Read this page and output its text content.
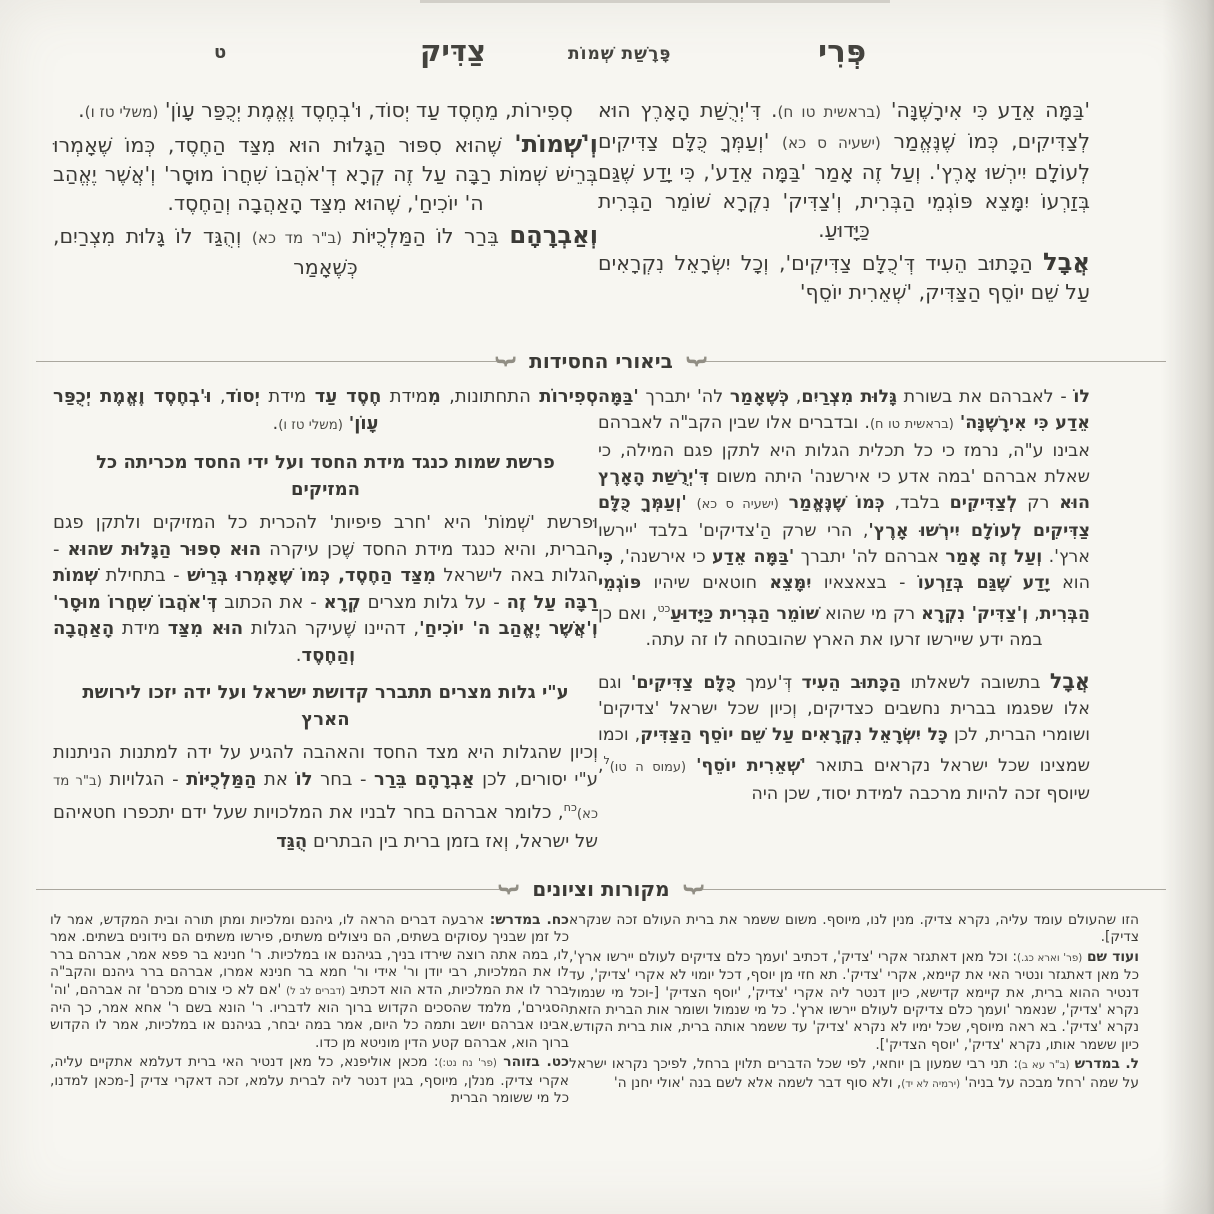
פְּרִי
פָּרָשַׁת שְׁמוֹת
צַדִּיק
ט
סְפִירוֹת, מֵחֶסֶד עַד יְסוֹד, וּ'בְחֶסֶד וֶאֱמֶת יְכֻפַּר עָוֹן' (משלי טז ו).
וְ'שְׁמוֹת' שֶׁהוּא סִפּוּר הַגָּלוּת הוּא מִצַּד הַחֶסֶד, כְּמוֹ שֶׁאָמְרוּ בְּרֵישׁ שְׁמוֹת רַבָּה עַל זֶה קְרָא דְ'אֹהֲבוֹ שִׁחֲרוֹ מוּסָר' וְ'אֲשֶׁר יֶאֱהַב ה' יוֹכִיחַ', שֶׁהוּא מִצַּד הָאַהֲבָה וְהַחֶסֶד.
וְאַבְרָהָם בֵּרַר לוֹ הַמַּלְכֻיּוֹת (ב"ר מד כא) וְהֻגַּד לוֹ גָּלוּת מִצְרַיִם, כְּשֶׁאָמַר
'בַּמָּה אֵדַע כִּי אִירָשֶׁנָּה' (בראשית טו ח). דִּ'יְרֻשַּׁת הָאָרֶץ הוּא לְצַדִּיקִים, כְּמוֹ שֶׁנֶּאֱמַר (ישעיה ס כא) 'וְעַמְּךָ כֻּלָּם צַדִּיקִים לְעוֹלָם יִירְשׁוּ אָרֶץ'. וְעַל זֶה אָמַר 'בַּמָּה אֵדַע', כִּי יָדַע שֶׁגַּם בְּזַרְעוֹ יִמָּצֵא פּוֹגְמֵי הַבְּרִית, וְ'צַדִּיק' נִקְרָא שׁוֹמֵר הַבְּרִית כַּיָּדוּעַ.
אֲבָל הַכָּתוּב הֵעִיד דְּ'כֻלָּם צַדִּיקִים', וְכָל יִשְׂרָאֵל נִקְרָאִים עַל שֵׁם יוֹסֵף הַצַּדִּיק, 'שְׁאֵרִית יוֹסֵף'
{
ביאורי החסידות
{
סְפִירוֹת התחתונות, מִמידת חֶסֶד עַד מידת יְסוֹד, וּ'בְחֶסֶד וֶאֱמֶת יְכֻפַּר עָוֹן' (משלי טז ו).
פרשת שמות כנגד מידת החסד ועל ידי החסד מכריתה כל המזיקים
וּפרשת 'שְׁמוֹת' היא 'חרב פיפיות' להכרית כל המזיקים ולתקן פגם הברית, והיא כנגד מידת החסד שֶׁכן עיקרה הוּא סִפּוּר הַגָּלוּת שהוּא - הגלות באה לישראל מִצַּד הַחֶסֶד, כְּמוֹ שֶׁאָמְרוּ בְּרֵישׁ - בתחילת שְׁמוֹת רַבָּה עַל זֶה - על גלות מצרים קְרָא - את הכתוב דְּ'אֹהֲבוֹ שִׁחֲרוֹ מוּסָר' וְ'אֲשֶׁר יֶאֱהַב ה' יוֹכִיחַ', דהיינו שֶׁעיקר הגלות הוּא מִצַּד מידת הָאַהֲבָה וְהַחֶסֶד.
ע"י גלות מצרים תתברר קדושת ישראל ועל ידה יזכו לירושת הארץ
וְכיון שהגלות היא מצד החסד והאהבה להגיע על ידה למתנות הניתנות ע"י יסורים, לכן אַבְרָהָם בֵּרַר - בחר לוֹ את הַמַּלְכֻיּוֹת - הגלויות (ב"ר מד כא)$^{כח}$, כלומר אברהם בחר לבניו את המלכויות שעל ידם יתכפרו חטאיהם של ישראל, וְאז בזמן ברית בין הבתרים הֻגַּד
לוֹ - לאברהם את בשורת גָּלוּת מִצְרַיִם, כְּשֶׁאָמַר לה' יתברך 'בַּמָּה אֵדַע כִּי אִירָשֶׁנָּה' (בראשית טו ח). ובדברים אלו שבין הקב"ה לאברהם אבינו ע"ה, נרמז כי כל תכלית הגלות היא לתקן פגם המילה, כי שאלת אברהם 'במה אדע כי אירשנה' היתה משום דִּ'יְרֻשַּׁת הָאָרֶץ הוּא רק לְצַדִּיקִים בלבד, כְּמוֹ שֶׁנֶּאֱמַר (ישעיה ס כא) 'וְעַמְּךָ כֻּלָּם צַדִּיקִים לְעוֹלָם יִירְשׁוּ אָרֶץ', הרי שרק הַ'צדיקים' בלבד 'יירשו ארץ'. וְעַל זֶה אָמַר אברהם לה' יתברך 'בַּמָּה אֵדַע כי אירשנה', כִּי הוא יָדַע שֶׁגַּם בְּזַרְעוֹ - בצאצאיו יִמָּצֵא חוטאים שיהיו פּוֹגְמֵי הַבְּרִית, וְ'צַדִּיק' נִקְרָא רק מי שהוא שׁוֹמֵר הַבְּרִית כַּיָּדוּעַ$^{כט}$, ואם כן במה ידע שיירשו זרעו את הארץ שהובטחה לו זה עתה.
אֲבָל בתשובה לשאלתו הַכָּתוּב הֵעִיד דְּ'עמך כֻּלָּם צַדִּיקִים' וגם אלו שפגמו בברית נחשבים כצדיקים, וְכיון שכל ישראל 'צדיקים' ושומרי הברית, לכן כָּל יִשְׂרָאֵל נִקְרָאִים עַל שֵׁם יוֹסֵף הַצַּדִּיק, וכמו שמצינו שכל ישראל נקראים בתואר 'שְׁאֵרִית יוֹסֵף' (עמוס ה טו)$^ל$, שיוסף זכה להיות מרכבה למידת יסוד, שכן היה
{
מקורות וציונים
{
כח. במדרש: ארבעה דברים הראה לו, גיהנם ומלכיות ומתן תורה ובית המקדש, אמר לו כל זמן שבניך עסוקים בשתים, הם ניצולים משתים, פירשו משתים הם נידונים בשתים. אמר לו, במה אתה רוצה שירדו בניך, בגיהנם או במלכיות. ר' חנינא בר פפא אמר, אברהם ברר לו את המלכיות, רבי יודן ור' אידי ור' חמא בר חנינא אמרו, אברהם ברר גיהנם והקב"ה ברר לו את המלכיות, הדא הוא דכתיב (דברים לב ל) 'אם לא כי צורם מכרם' זה אברהם, 'וה' הסגירם', מלמד שהסכים הקדוש ברוך הוא לדבריו. ר' הונא בשם ר' אחא אמר, כך היה אבינו אברהם יושב ותמה כל היום, אמר במה יבחר, בגיהנם או במלכיות, אמר לו הקדוש ברוך הוא, אברהם קטע הדין מוניטא מן כדו.
כט. בזוהר (פר' נח נט:): מכאן אוליפנא, כל מאן דנטיר האי ברית דעלמא אתקיים עליה, אקרי צדיק. מנלן, מיוסף, בגין דנטר ליה לברית עלמא, זכה דאקרי צדיק [-מכאן למדנו, כל מי ששומר הברית
הזו שהעולם עומד עליה, נקרא צדיק. מנין לנו, מיוסף. משום ששמר את ברית העולם זכה שנקרא צדיק].
ועוד שם (פר' וארא כג.): וכל מאן דאתגזר אקרי 'צדיק', דכתיב 'ועמך כלם צדיקים לעולם יירשו ארץ', כל מאן דאתגזר ונטיר האי את קיימא, אקרי 'צדיק'. תא חזי מן יוסף, דכל יומוי לא אקרי 'צדיק', עד דנטיר ההוא ברית, את קיימא קדישא, כיון דנטר ליה אקרי 'צדיק', 'יוסף הצדיק' [-וכל מי שנמול נקרא 'צדיק', שנאמר 'ועמך כלם צדיקים לעולם יירשו ארץ'. כל מי שנמול ושומר אות הברית הזאת נקרא 'צדיק'. בא ראה מיוסף, שכל ימיו לא נקרא 'צדיק' עד ששמר אותה ברית, אות ברית הקודש. כיון ששמר אותו, נקרא 'צדיק', 'יוסף הצדיק'].
ל. במדרש (ב"ר עא ב): תני רבי שמעון בן יוחאי, לפי שכל הדברים תלוין ברחל, לפיכך נקראו ישראל על שמה 'רחל מבכה על בניה' (ירמיה לא יד), ולא סוף דבר לשמה אלא לשם בנה 'אולי יחנן ה'
